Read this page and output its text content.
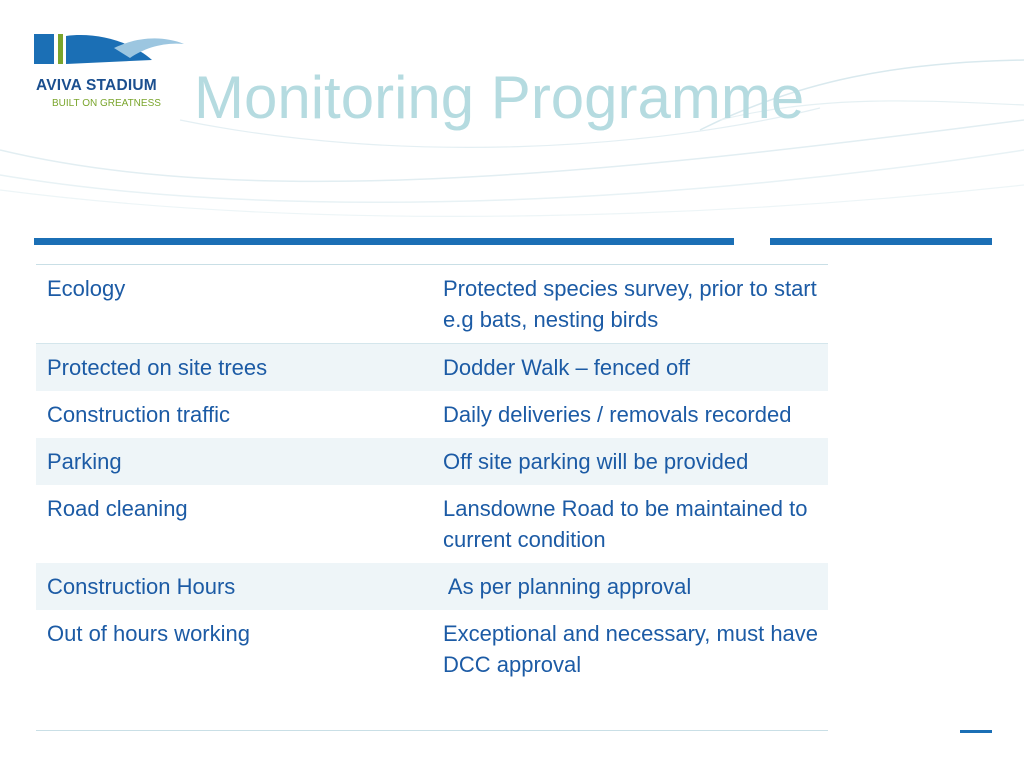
AVIVA STADIUM

BUILT ON GREATNESS Monitoring Programme
Ecology	Protected species survey, prior to start e.g bats, nesting birds
Protected on site trees	Dodder Walk – fenced off
Construction traffic	Daily deliveries / removals recorded
Parking	Off site parking will be provided
Road cleaning	Lansdowne Road to be maintained to current condition
Construction Hours	As per planning approval
Out of hours working	Exceptional and necessary, must have DCC approval
